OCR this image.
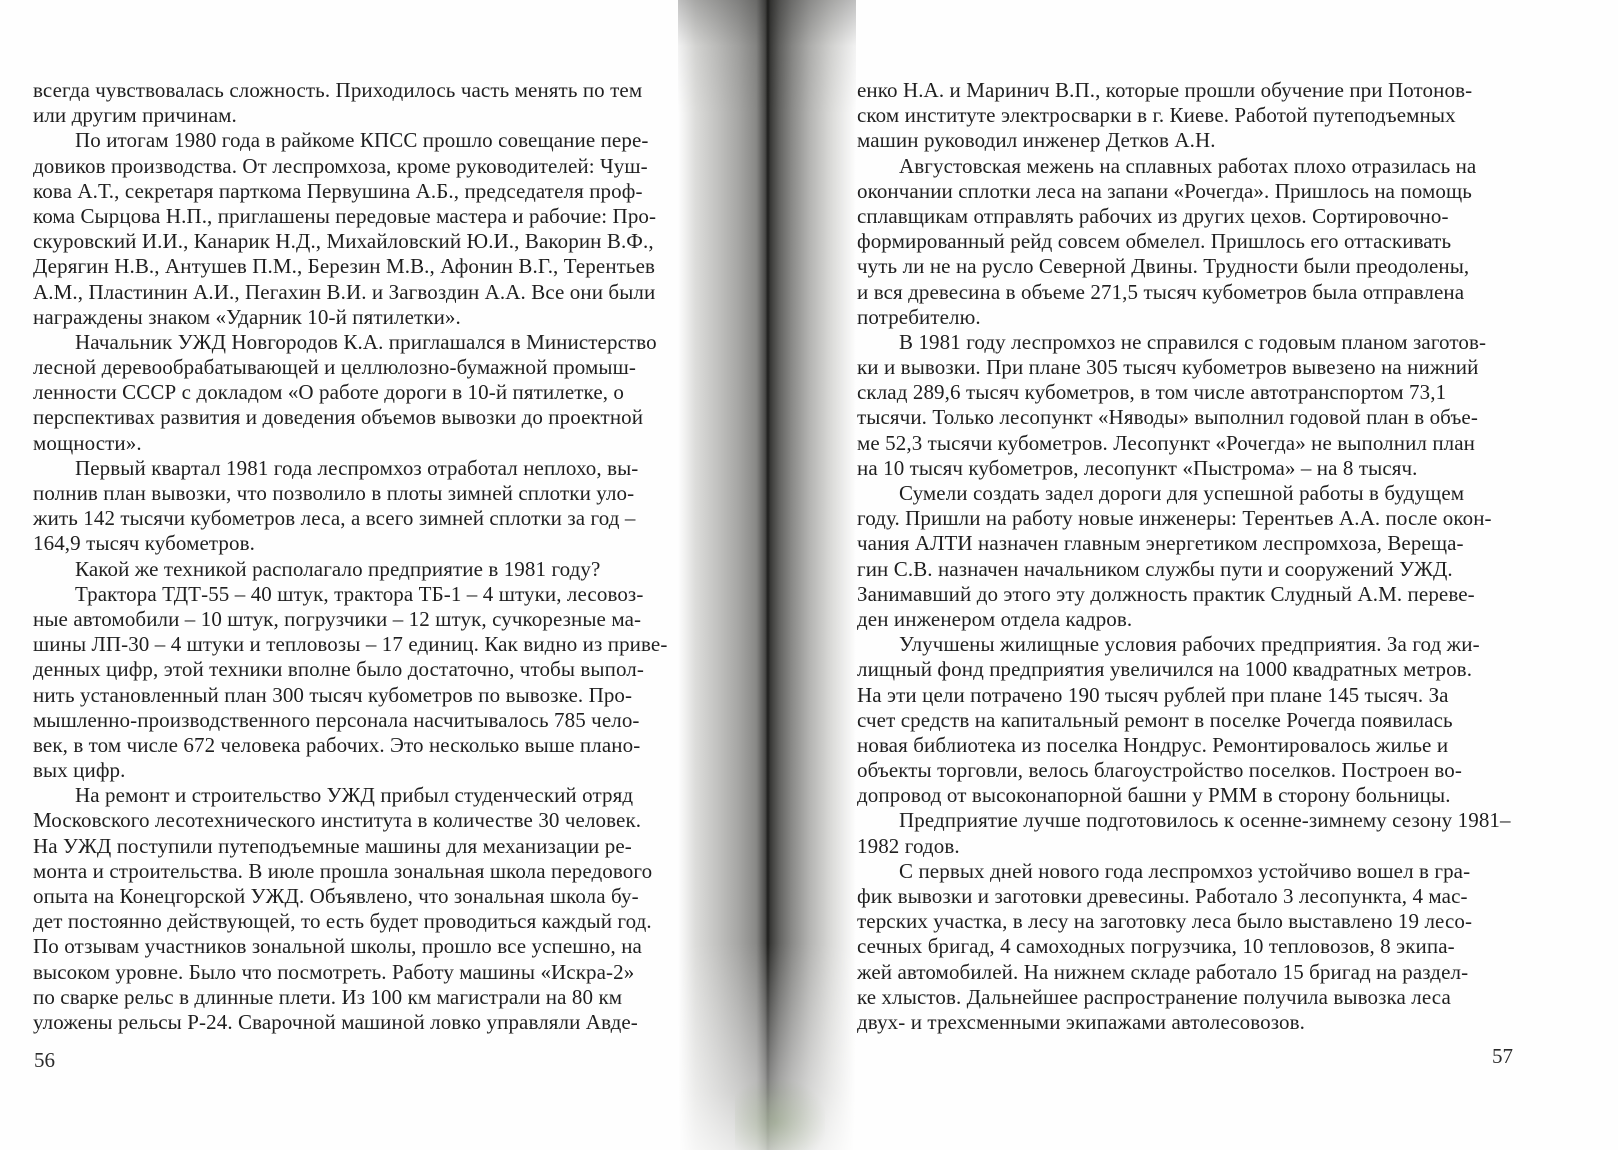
всегда чувствовалась сложность. Приходилось часть менять по тем
или другим причинам.
По итогам 1980 года в райкоме КПСС прошло совещание пере-
довиков производства. От леспромхоза, кроме руководителей: Чуш-
кова А.Т., секретаря парткома Первушина А.Б., председателя проф-
кома Сырцова Н.П., приглашены передовые мастера и рабочие: Про-
скуровский И.И., Канарик Н.Д., Михайловский Ю.И., Вакорин В.Ф.,
Дерягин Н.В., Антушев П.М., Березин М.В., Афонин В.Г., Терентьев
А.М., Пластинин А.И., Пегахин В.И. и Загвоздин А.А. Все они были
награждены знаком «Ударник 10-й пятилетки».
Начальник УЖД Новгородов К.А. приглашался в Министерство
лесной деревообрабатывающей и целлюлозно-бумажной промыш-
ленности СССР с докладом «О работе дороги в 10-й пятилетке, о
перспективах развития и доведения объемов вывозки до проектной
мощности».
Первый квартал 1981 года леспромхоз отработал неплохо, вы-
полнив план вывозки, что позволило в плоты зимней сплотки уло-
жить 142 тысячи кубометров леса, а всего зимней сплотки за год –
164,9 тысяч кубометров.
Какой же техникой располагало предприятие в 1981 году?
Трактора ТДТ-55 – 40 штук, трактора ТБ-1 – 4 штуки, лесовоз-
ные автомобили – 10 штук, погрузчики – 12 штук, сучкорезные ма-
шины ЛП-30 – 4 штуки и тепловозы – 17 единиц. Как видно из приве-
денных цифр, этой техники вполне было достаточно, чтобы выпол-
нить установленный план 300 тысяч кубометров по вывозке. Про-
мышленно-производственного персонала насчитывалось 785 чело-
век, в том числе 672 человека рабочих. Это несколько выше плано-
вых цифр.
На ремонт и строительство УЖД прибыл студенческий отряд
Московского лесотехнического института в количестве 30 человек.
На УЖД поступили путеподъемные машины для механизации ре-
монта и строительства. В июле прошла зональная школа передового
опыта на Конецгорской УЖД. Объявлено, что зональная школа бу-
дет постоянно действующей, то есть будет проводиться каждый год.
По отзывам участников зональной школы, прошло все успешно, на
высоком уровне. Было что посмотреть. Работу машины «Искра-2»
по сварке рельс в длинные плети. Из 100 км магистрали на 80 км
уложены рельсы Р-24. Сварочной машиной ловко управляли Авде-
енко Н.А. и Маринич В.П., которые прошли обучение при Потонов-
ском институте электросварки в г. Киеве. Работой путеподъемных
машин руководил инженер Детков А.Н.
Августовская межень на сплавных работах плохо отразилась на
окончании сплотки леса на запани «Рочегда». Пришлось на помощь
сплавщикам отправлять рабочих из других цехов. Сортировочно-
формированный рейд совсем обмелел. Пришлось его оттаскивать
чуть ли не на русло Северной Двины. Трудности были преодолены,
и вся древесина в объеме 271,5 тысяч кубометров была отправлена
потребителю.
В 1981 году леспромхоз не справился с годовым планом заготов-
ки и вывозки. При плане 305 тысяч кубометров вывезено на нижний
склад 289,6 тысяч кубометров, в том числе автотранспортом 73,1
тысячи. Только лесопункт «Няводы» выполнил годовой план в объе-
ме 52,3 тысячи кубометров. Лесопункт «Рочегда» не выполнил план
на 10 тысяч кубометров, лесопункт «Пыстрома» – на 8 тысяч.
Сумели создать задел дороги для успешной работы в будущем
году. Пришли на работу новые инженеры: Терентьев А.А. после окон-
чания АЛТИ назначен главным энергетиком леспромхоза, Вереща-
гин С.В. назначен начальником службы пути и сооружений УЖД.
Занимавший до этого эту должность практик Слудный А.М. переве-
ден инженером отдела кадров.
Улучшены жилищные условия рабочих предприятия. За год жи-
лищный фонд предприятия увеличился на 1000 квадратных метров.
На эти цели потрачено 190 тысяч рублей при плане 145 тысяч. За
счет средств на капитальный ремонт в поселке Рочегда появилась
новая библиотека из поселка Нондрус. Ремонтировалось жилье и
объекты торговли, велось благоустройство поселков. Построен во-
допровод от высоконапорной башни у РММ в сторону больницы.
Предприятие лучше подготовилось к осенне-зимнему сезону 1981–
1982 годов.
С первых дней нового года леспромхоз устойчиво вошел в гра-
фик вывозки и заготовки древесины. Работало 3 лесопункта, 4 мас-
терских участка, в лесу на заготовку леса было выставлено 19 лесо-
сечных бригад, 4 самоходных погрузчика, 10 тепловозов, 8 экипа-
жей автомобилей. На нижнем складе работало 15 бригад на раздел-
ке хлыстов. Дальнейшее распространение получила вывозка леса
двух- и трехсменными экипажами автолесовозов.
56	57
